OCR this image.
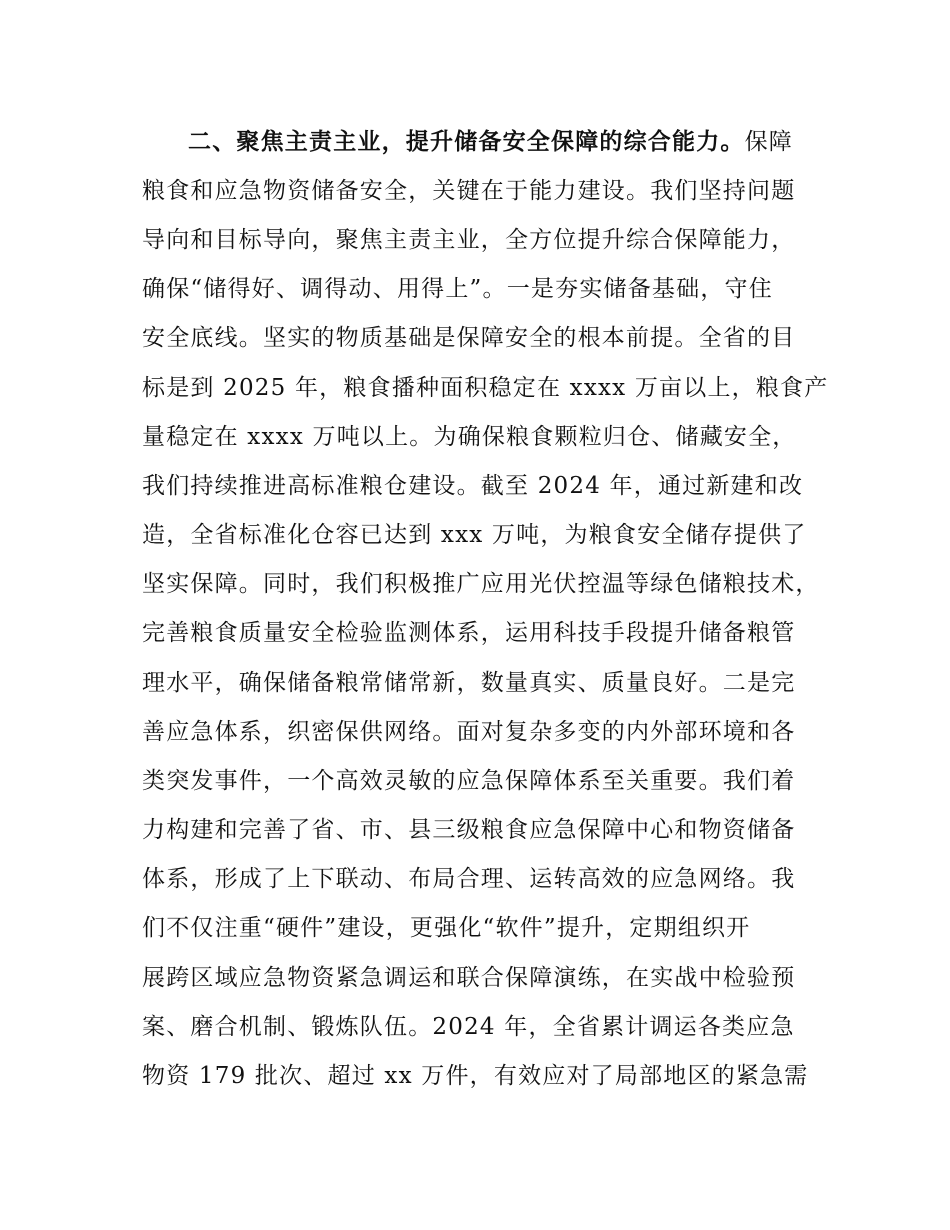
二、聚焦主责主业，提升储备安全保障的综合能力。保障
粮食和应急物资储备安全，关键在于能力建设。我们坚持问题
导向和目标导向，聚焦主责主业，全方位提升综合保障能力，
确保“储得好、调得动、用得上”。一是夯实储备基础，守住
安全底线。坚实的物质基础是保障安全的根本前提。全省的目
标是到 2025 年，粮食播种面积稳定在 xxxx 万亩以上，粮食产
量稳定在 xxxx 万吨以上。为确保粮食颗粒归仓、储藏安全，
我们持续推进高标准粮仓建设。截至 2024 年，通过新建和改
造，全省标准化仓容已达到 xxx 万吨，为粮食安全储存提供了
坚实保障。同时，我们积极推广应用光伏控温等绿色储粮技术，
完善粮食质量安全检验监测体系，运用科技手段提升储备粮管
理水平，确保储备粮常储常新，数量真实、质量良好。二是完
善应急体系，织密保供网络。面对复杂多变的内外部环境和各
类突发事件，一个高效灵敏的应急保障体系至关重要。我们着
力构建和完善了省、市、县三级粮食应急保障中心和物资储备
体系，形成了上下联动、布局合理、运转高效的应急网络。我
们不仅注重“硬件”建设，更强化“软件”提升，定期组织开
展跨区域应急物资紧急调运和联合保障演练，在实战中检验预
案、磨合机制、锻炼队伍。2024 年，全省累计调运各类应急
物资 179 批次、超过 xx 万件，有效应对了局部地区的紧急需
